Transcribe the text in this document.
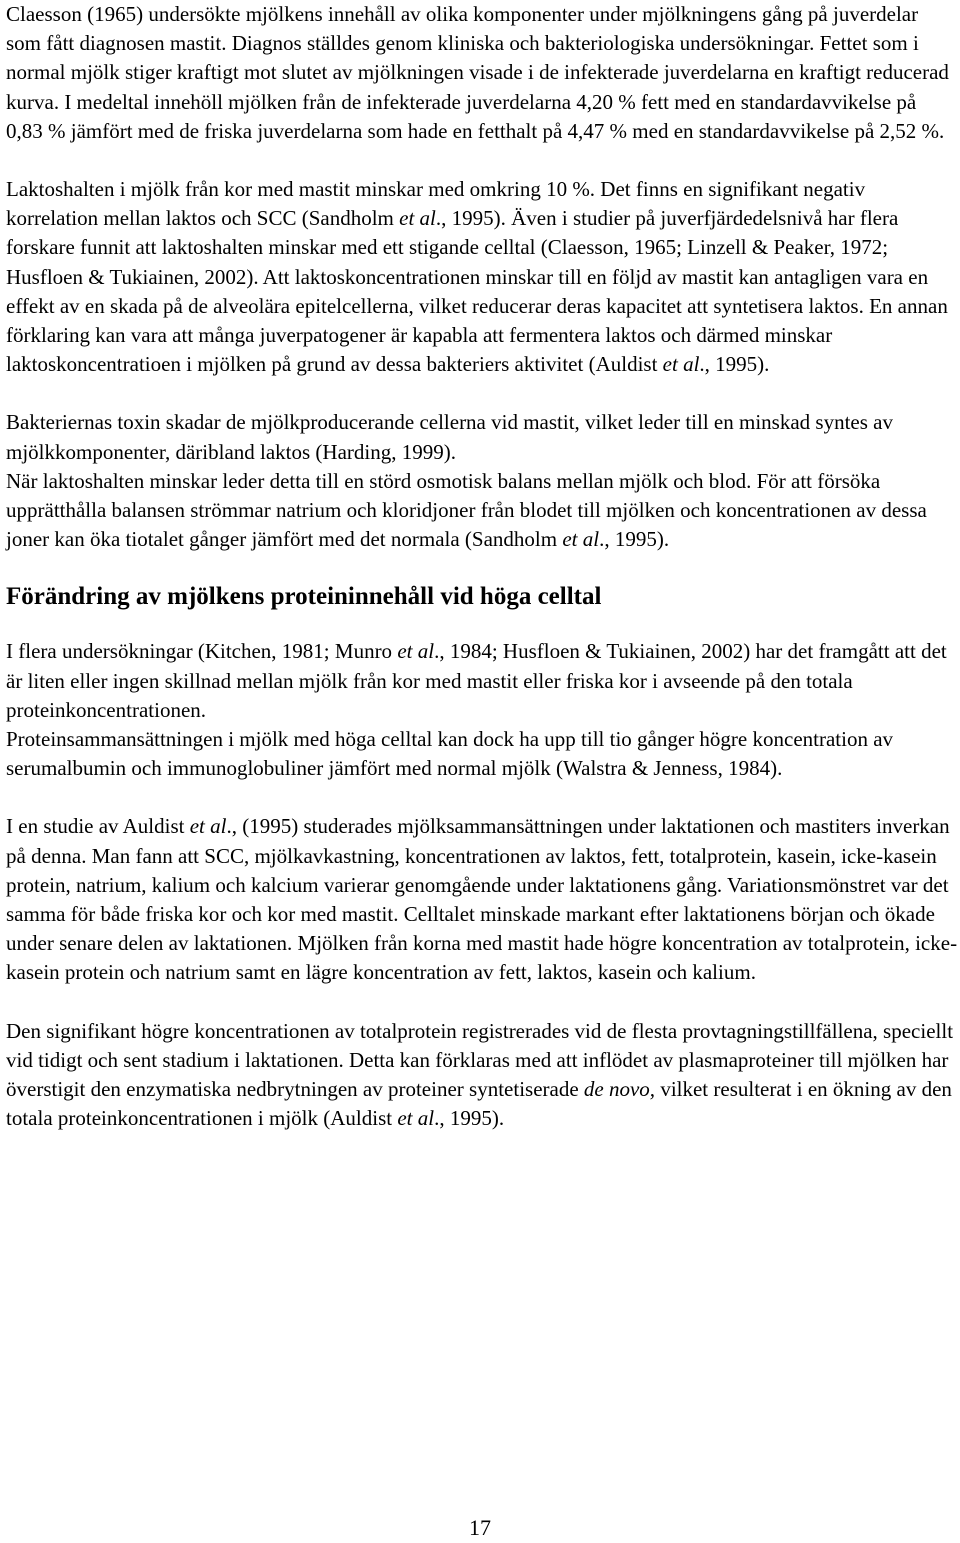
Claesson (1965) undersökte mjölkens innehåll av olika komponenter under mjölkningens gång på juverdelar som fått diagnosen mastit. Diagnos ställdes genom kliniska och bakteriologiska undersökningar. Fettet som i normal mjölk stiger kraftigt mot slutet av mjölkningen visade i de infekterade juverdelarna en kraftigt reducerad kurva. I medeltal innehöll mjölken från de infekterade juverdelarna 4,20 % fett med en standardavvikelse på 0,83 % jämfört med de friska juverdelarna som hade en fetthalt på 4,47 % med en standardavvikelse på 2,52 %.

Laktoshalten i mjölk från kor med mastit minskar med omkring 10 %. Det finns en signifikant negativ korrelation mellan laktos och SCC (Sandholm et al., 1995). Även i studier på juverfjärdedelsnivå har flera forskare funnit att laktoshalten minskar med ett stigande celltal (Claesson, 1965; Linzell & Peaker, 1972; Husfloen & Tukiainen, 2002). Att laktoskoncentrationen minskar till en följd av mastit kan antagligen vara en effekt av en skada på de alveolära epitelcellerna, vilket reducerar deras kapacitet att syntetisera laktos. En annan förklaring kan vara att många juverpatogener är kapabla att fermentera laktos och därmed minskar laktoskoncentratioen i mjölken på grund av dessa bakteriers aktivitet (Auldist et al., 1995).

Bakteriernas toxin skadar de mjölkproducerande cellerna vid mastit, vilket leder till en minskad syntes av mjölkkomponenter, däribland laktos (Harding, 1999).

När laktoshalten minskar leder detta till en störd osmotisk balans mellan mjölk och blod. För att försöka upprätthålla balansen strömmar natrium och kloridjoner från blodet till mjölken och koncentrationen av dessa joner kan öka tiotalet gånger jämfört med det normala (Sandholm et al., 1995).

Förändring av mjölkens proteininnehåll vid höga celltal

I flera undersökningar (Kitchen, 1981; Munro et al., 1984; Husfloen & Tukiainen, 2002) har det framgått att det är liten eller ingen skillnad mellan mjölk från kor med mastit eller friska kor i avseende på den totala proteinkoncentrationen.

Proteinsammansättningen i mjölk med höga celltal kan dock ha upp till tio gånger högre koncentration av serumalbumin och immunoglobuliner jämfört med normal mjölk (Walstra & Jenness, 1984).

I en studie av Auldist et al., (1995) studerades mjölksammansättningen under laktationen och mastiters inverkan på denna. Man fann att SCC, mjölkavkastning, koncentrationen av laktos, fett, totalprotein, kasein, icke-kasein protein, natrium, kalium och kalcium varierar genomgående under laktationens gång. Variationsmönstret var det samma för både friska kor och kor med mastit. Celltalet minskade markant efter laktationens början och ökade under senare delen av laktationen. Mjölken från korna med mastit hade högre koncentration av totalprotein, icke-kasein protein och natrium samt en lägre koncentration av fett, laktos, kasein och kalium.

Den signifikant högre koncentrationen av totalprotein registrerades vid de flesta provtagningstillfällena, speciellt vid tidigt och sent stadium i laktationen. Detta kan förklaras med att inflödet av plasmaproteiner till mjölken har överstigit den enzymatiska nedbrytningen av proteiner syntetiserade de novo, vilket resulterat i en ökning av den totala proteinkoncentrationen i mjölk (Auldist et al., 1995).

17
